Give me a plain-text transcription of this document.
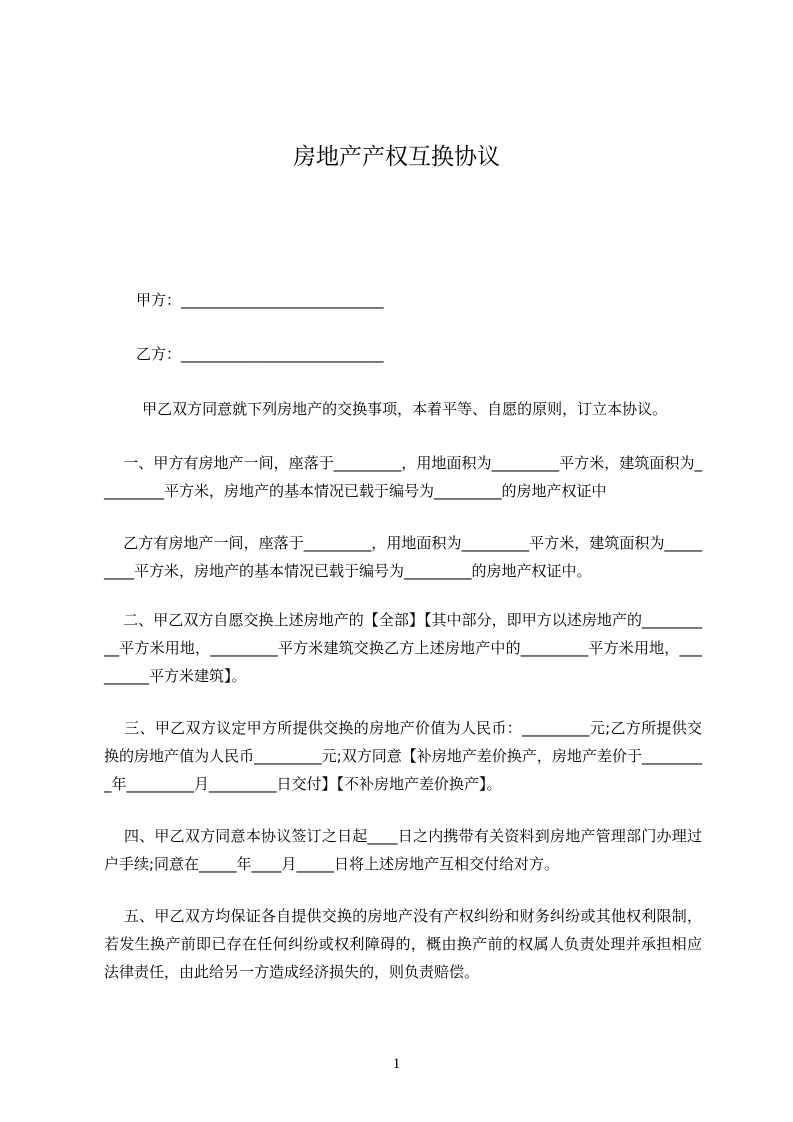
房地产产权互换协议

甲方：___________________________

乙方：___________________________

甲乙双方同意就下列房地产的交换事项，本着平等、自愿的原则，订立本协议。

一、甲方有房地产一间，座落于_________，用地面积为_________平方米，建筑面积为_________平方米，房地产的基本情况已载于编号为_________的房地产权证中

乙方有房地产一间，座落于_________，用地面积为_________平方米，建筑面积为_________平方米，房地产的基本情况已载于编号为_________的房地产权证中。

二、甲乙双方自愿交换上述房地产的【全部】【其中部分，即甲方以述房地产的__________平方米用地，_________平方米建筑交换乙方上述房地产中的_________平方米用地，_________平方米建筑】。

三、甲乙双方议定甲方所提供交换的房地产价值为人民币：_________元;乙方所提供交换的房地产值为人民币_________元;双方同意【补房地产差价换产，房地产差价于_________年_________月_________日交付】【不补房地产差价换产】。

四、甲乙双方同意本协议签订之日起____日之内携带有关资料到房地产管理部门办理过户手续;同意在_____年____月_____日将上述房地产互相交付给对方。

五、甲乙双方均保证各自提供交换的房地产没有产权纠纷和财务纠纷或其他权利限制，若发生换产前即已存在任何纠纷或权利障碍的，概由换产前的权属人负责处理并承担相应法律责任，由此给另一方造成经济损失的，则负责赔偿。

1
